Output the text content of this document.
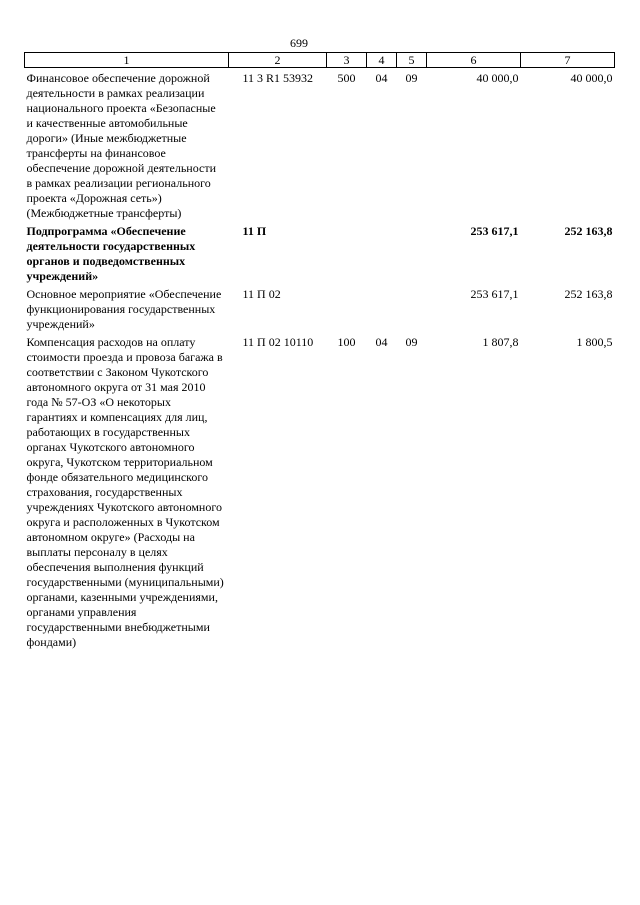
699
1	2	3	4	5	6	7
Финансовое обеспечение дорожной деятельности в рамках реализации национального проекта «Безопасные и качественные автомобильные дороги» (Иные межбюджетные трансферты на финансовое обеспечение дорожной деятельности в рамках реализации регионального проекта «Дорожная сеть») (Межбюджетные трансферты)	11 3 R1 53932	500	04	09	40 000,0	40 000,0
Подпрограмма «Обеспечение деятельности государственных органов и подведомственных учреждений»	11 П				253 617,1	252 163,8
Основное мероприятие «Обеспечение функционирования государственных учреждений»	11 П 02				253 617,1	252 163,8
Компенсация расходов на оплату стоимости проезда и провоза багажа в соответствии с Законом Чукотского автономного округа от 31 мая 2010 года № 57-ОЗ «О некоторых гарантиях и компенсациях для лиц, работающих в государственных органах Чукотского автономного округа, Чукотском территориальном фонде обязательного медицинского страхования, государственных учреждениях Чукотского автономного округа и расположенных в Чукотском автономном округе» (Расходы на выплаты персоналу в целях обеспечения выполнения функций государственными (муниципальными) органами, казенными учреждениями, органами управления государственными внебюджетными фондами)	11 П 02 10110	100	04	09	1 807,8	1 800,5
